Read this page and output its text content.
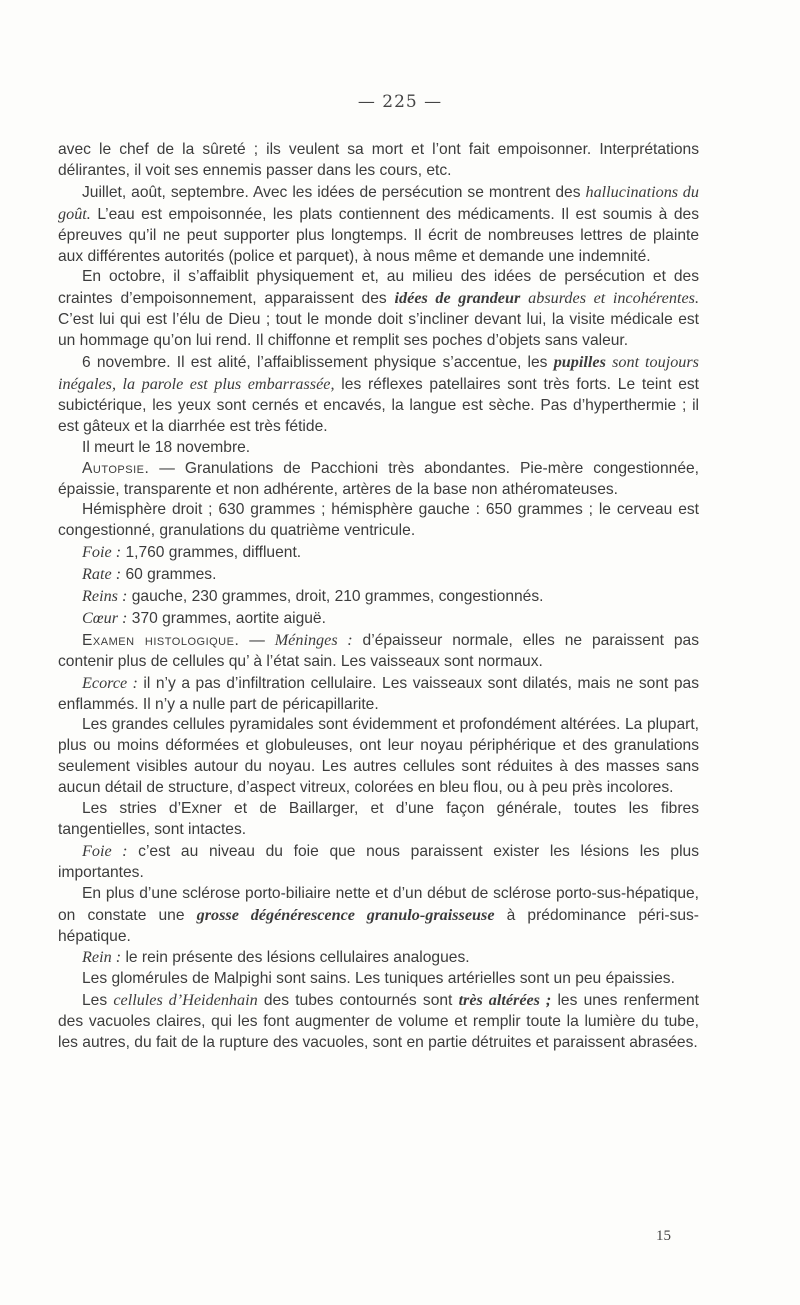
— 225 —

avec le chef de la sûreté ; ils veulent sa mort et l’ont fait empoisonner. Interprétations délirantes, il voit ses ennemis passer dans les cours, etc.

Juillet, août, septembre. Avec les idées de persécution se montrent des hallucinations du goût. L’eau est empoisonnée, les plats contiennent des médicaments. Il est soumis à des épreuves qu’il ne peut supporter plus longtemps. Il écrit de nombreuses lettres de plainte aux différentes autorités (police et parquet), à nous même et demande une indemnité.

En octobre, il s’affaiblit physiquement et, au milieu des idées de persécution et des craintes d’empoisonnement, apparaissent des idées de grandeur absurdes et incohérentes. C’est lui qui est l’élu de Dieu ; tout le monde doit s’incliner devant lui, la visite médicale est un hommage qu’on lui rend. Il chiffonne et remplit ses poches d’objets sans valeur.

6 novembre. Il est alité, l’affaiblissement physique s’accentue, les pupilles sont toujours inégales, la parole est plus embarrassée, les réflexes patellaires sont très forts. Le teint est subictérique, les yeux sont cernés et encavés, la langue est sèche. Pas d’hyperthermie ; il est gâteux et la diarrhée est très fétide.

Il meurt le 18 novembre.

Autopsie. — Granulations de Pacchioni très abondantes. Pie-mère congestionnée, épaissie, transparente et non adhérente, artères de la base non athéromateuses.

Hémisphère droit ; 630 grammes ; hémisphère gauche : 650 grammes ; le cerveau est congestionné, granulations du quatrième ventricule.

Foie : 1,760 grammes, diffluent.

Rate : 60 grammes.

Reins : gauche, 230 grammes, droit, 210 grammes, congestionnés.

Cœur : 370 grammes, aortite aiguë.

Examen histologique. — Méninges : d’épaisseur normale, elles ne paraissent pas contenir plus de cellules qu’ à l’état sain. Les vaisseaux sont normaux.

Ecorce : il n’y a pas d’infiltration cellulaire. Les vaisseaux sont dilatés, mais ne sont pas enflammés. Il n’y a nulle part de péricapillarite.

Les grandes cellules pyramidales sont évidemment et profondément altérées. La plupart, plus ou moins déformées et globuleuses, ont leur noyau périphérique et des granulations seulement visibles autour du noyau. Les autres cellules sont réduites à des masses sans aucun détail de structure, d’aspect vitreux, colorées en bleu flou, ou à peu près incolores.

Les stries d’Exner et de Baillarger, et d’une façon générale, toutes les fibres tangentielles, sont intactes.

Foie : c’est au niveau du foie que nous paraissent exister les lésions les plus importantes.

En plus d’une sclérose porto-biliaire nette et d’un début de sclérose porto-sus-hépatique, on constate une grosse dégénérescence granulo-graisseuse à prédominance péri-sus-hépatique.

Rein : le rein présente des lésions cellulaires analogues.

Les glomérules de Malpighi sont sains. Les tuniques artérielles sont un peu épaissies.

Les cellules d’Heidenhain des tubes contournés sont très altérées ; les unes renferment des vacuoles claires, qui les font augmenter de volume et remplir toute la lumière du tube, les autres, du fait de la rupture des vacuoles, sont en partie détruites et paraissent abrasées.

15
